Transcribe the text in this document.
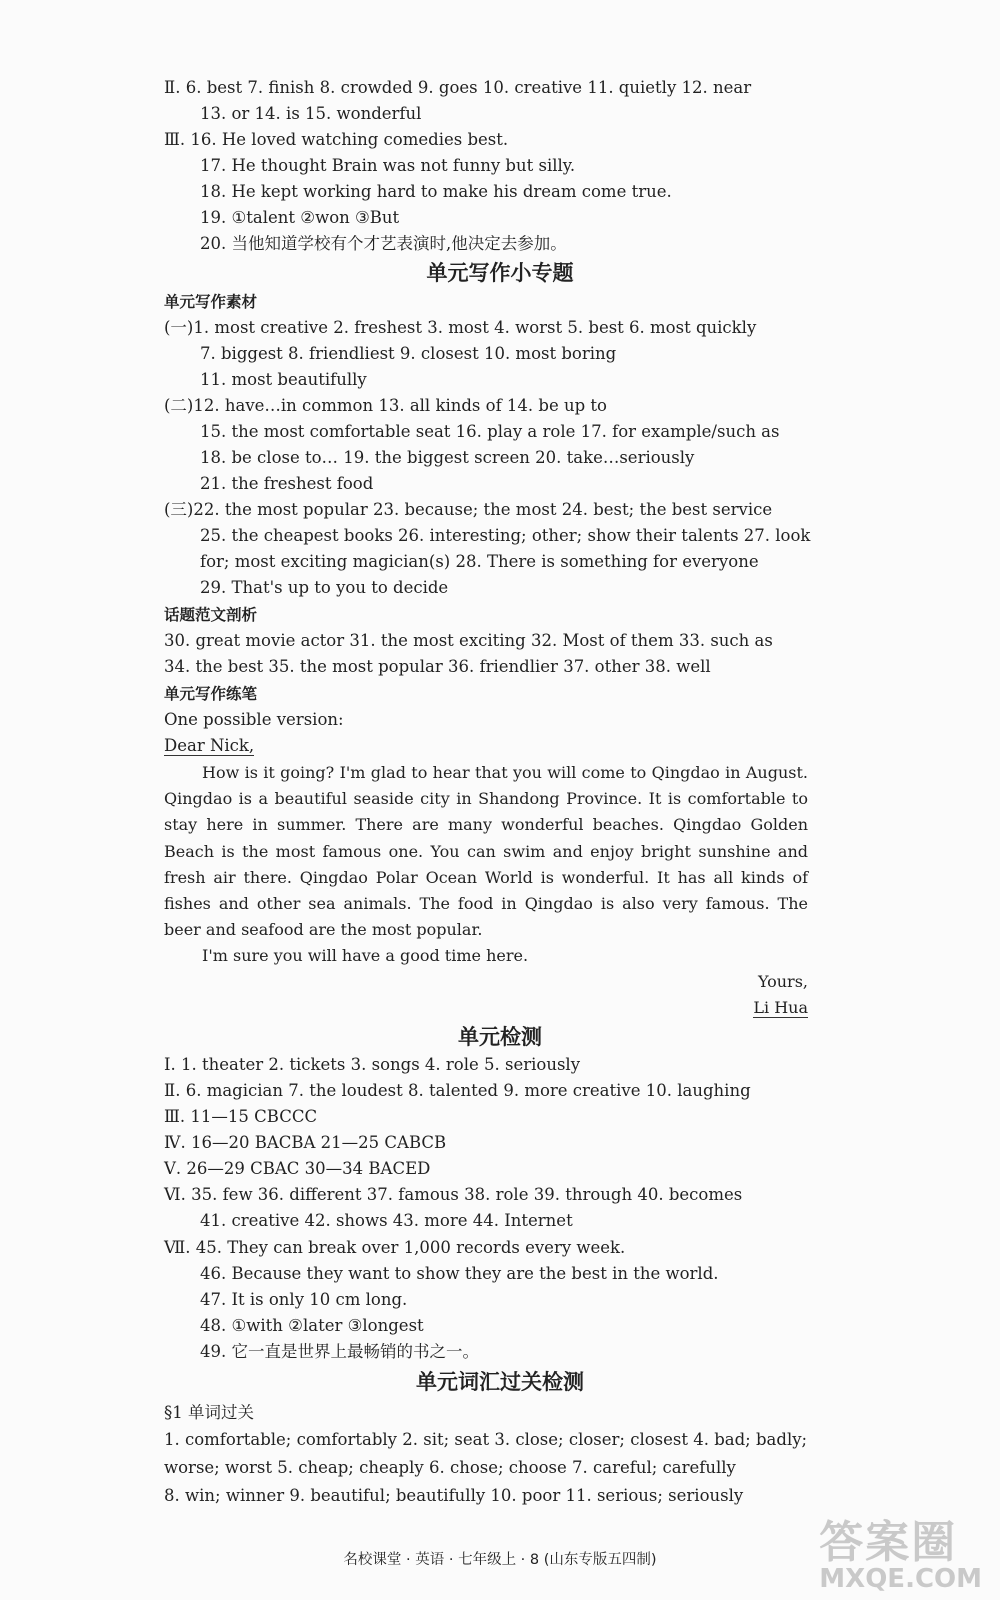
Ⅱ. 6. best 7. finish 8. crowded 9. goes 10. creative 11. quietly 12. near
13. or 14. is 15. wonderful
Ⅲ. 16. He loved watching comedies best.
17. He thought Brain was not funny but silly.
18. He kept working hard to make his dream come true.
19. ①talent ②won ③But
20. 当他知道学校有个才艺表演时,他决定去参加。
单元写作小专题
单元写作素材
(一)1. most creative 2. freshest 3. most 4. worst 5. best 6. most quickly
7. biggest 8. friendliest 9. closest 10. most boring
11. most beautifully
(二)12. have…in common 13. all kinds of 14. be up to
15. the most comfortable seat 16. play a role 17. for example/such as
18. be close to… 19. the biggest screen 20. take…seriously
21. the freshest food
(三)22. the most popular 23. because; the most 24. best; the best service
25. the cheapest books 26. interesting; other; show their talents 27. look
for; most exciting magician(s) 28. There is something for everyone
29. That's up to you to decide
话题范文剖析
30. great movie actor 31. the most exciting 32. Most of them 33. such as
34. the best 35. the most popular 36. friendlier 37. other 38. well
单元写作练笔
One possible version:
Dear Nick,
How is it going? I'm glad to hear that you will come to Qingdao in August. Qingdao is a beautiful seaside city in Shandong Province. It is comfortable to stay here in summer. There are many wonderful beaches. Qingdao Golden Beach is the most famous one. You can swim and enjoy bright sunshine and fresh air there. Qingdao Polar Ocean World is wonderful. It has all kinds of fishes and other sea animals. The food in Qingdao is also very famous. The beer and seafood are the most popular.
I'm sure you will have a good time here.
Yours,
Li Hua
单元检测
Ⅰ. 1. theater 2. tickets 3. songs 4. role 5. seriously
Ⅱ. 6. magician 7. the loudest 8. talented 9. more creative 10. laughing
Ⅲ. 11—15 CBCCC
Ⅳ. 16—20 BACBA 21—25 CABCB
Ⅴ. 26—29 CBAC 30—34 BACED
Ⅵ. 35. few 36. different 37. famous 38. role 39. through 40. becomes
41. creative 42. shows 43. more 44. Internet
Ⅶ. 45. They can break over 1,000 records every week.
46. Because they want to show they are the best in the world.
47. It is only 10 cm long.
48. ①with ②later ③longest
49. 它一直是世界上最畅销的书之一。
单元词汇过关检测
§1 单词过关
1. comfortable; comfortably 2. sit; seat 3. close; closer; closest 4. bad; badly;
worse; worst 5. cheap; cheaply 6. chose; choose 7. careful; carefully
8. win; winner 9. beautiful; beautifully 10. poor 11. serious; seriously
名校课堂 · 英语 · 七年级上 · 8 (山东专版五四制)	答案圈
MXQE.COM
